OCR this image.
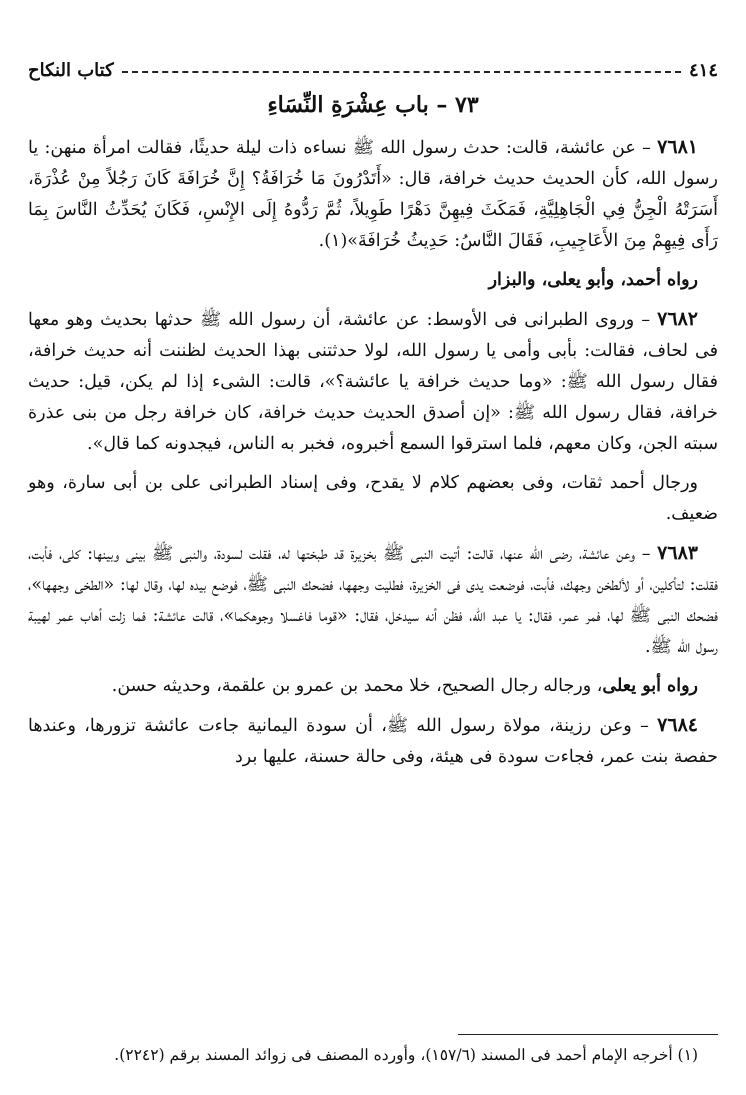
٤١٤
كتاب النكاح
٧٣ – باب عِشْرَةِ النِّسَاءِ

٧٦٨١ – عن عائشة، قالت: حدث رسول الله ﷺ نساءه ذات ليلة حديثًا، فقالت امرأة منهن: يا رسول الله، كأن الحديث حديث خرافة، قال: «أَتَدْرُونَ مَا خُرَافَةُ؟ إِنَّ خُرَافَةَ كَانَ رَجُلاً مِنْ عُذْرَةَ، أَسَرَتْهُ الْجِنُّ فِي الْجَاهِلِيَّةِ، فَمَكَثَ فِيهِنَّ دَهْرًا طَوِيلاً، ثُمَّ رَدُّوهُ إِلَى الإِنْسِ، فَكَانَ يُحَدِّثُ النَّاسَ بِمَا رَأَى فِيهِمْ مِنَ الأَعَاجِيبِ، فَقَالَ النَّاسُ: حَدِيثُ خُرَافَةَ»(١).

رواه أحمد، وأبو يعلى، والبزار

٧٦٨٢ – وروى الطبرانى فى الأوسط: عن عائشة، أن رسول الله ﷺ حدثها بحديث وهو معها فى لحاف، فقالت: بأبى وأمى يا رسول الله، لولا حدثتنى بهذا الحديث لظننت أنه حديث خرافة، فقال رسول الله ﷺ: «وما حديث خرافة يا عائشة؟»، قالت: الشىء إذا لم يكن، قيل: حديث خرافة، فقال رسول الله ﷺ: «إن أصدق الحديث حديث خرافة، كان خرافة رجل من بنى عذرة سبته الجن، وكان معهم، فلما استرقوا السمع أخبروه، فخبر به الناس، فيجدونه كما قال».

ورجال أحمد ثقات، وفى بعضهم كلام لا يقدح، وفى إسناد الطبرانى على بن أبى سارة، وهو ضعيف.

٧٦٨٣ – وعن عائشة، رضى الله عنها، قالت: أتيت النبى ﷺ بخزيرة قد طبختها له، فقلت لسودة، والنبى ﷺ بينى وبينها: كلى، فأبت، فقلت: لتأكلين، أو لألطخن وجهك، فأبت، فوضعت يدى فى الخزيرة، فطليت وجهها، فضحك النبى ﷺ، فوضع بيده لها، وقال لها: «الطخى وجهها»، فضحك النبى ﷺ لها، فمر عمر، فقال: يا عبد الله، فظن أنه سيدخل، فقال: «قوما فاغسلا وجوهكما»، قالت عائشة: فما زلت أهاب عمر لهيبة رسول الله ﷺ.

رواه أبو يعلى، ورجاله رجال الصحيح، خلا محمد بن عمرو بن علقمة، وحديثه حسن.

٧٦٨٤ – وعن رزينة، مولاة رسول الله ﷺ، أن سودة اليمانية جاءت عائشة تزورها، وعندها حفصة بنت عمر، فجاءت سودة فى هيئة، وفى حالة حسنة، عليها برد

(١) أخرجه الإمام أحمد فى المسند (١٥٧/٦)، وأورده المصنف فى زوائد المسند برقم (٢٢٤٢).
